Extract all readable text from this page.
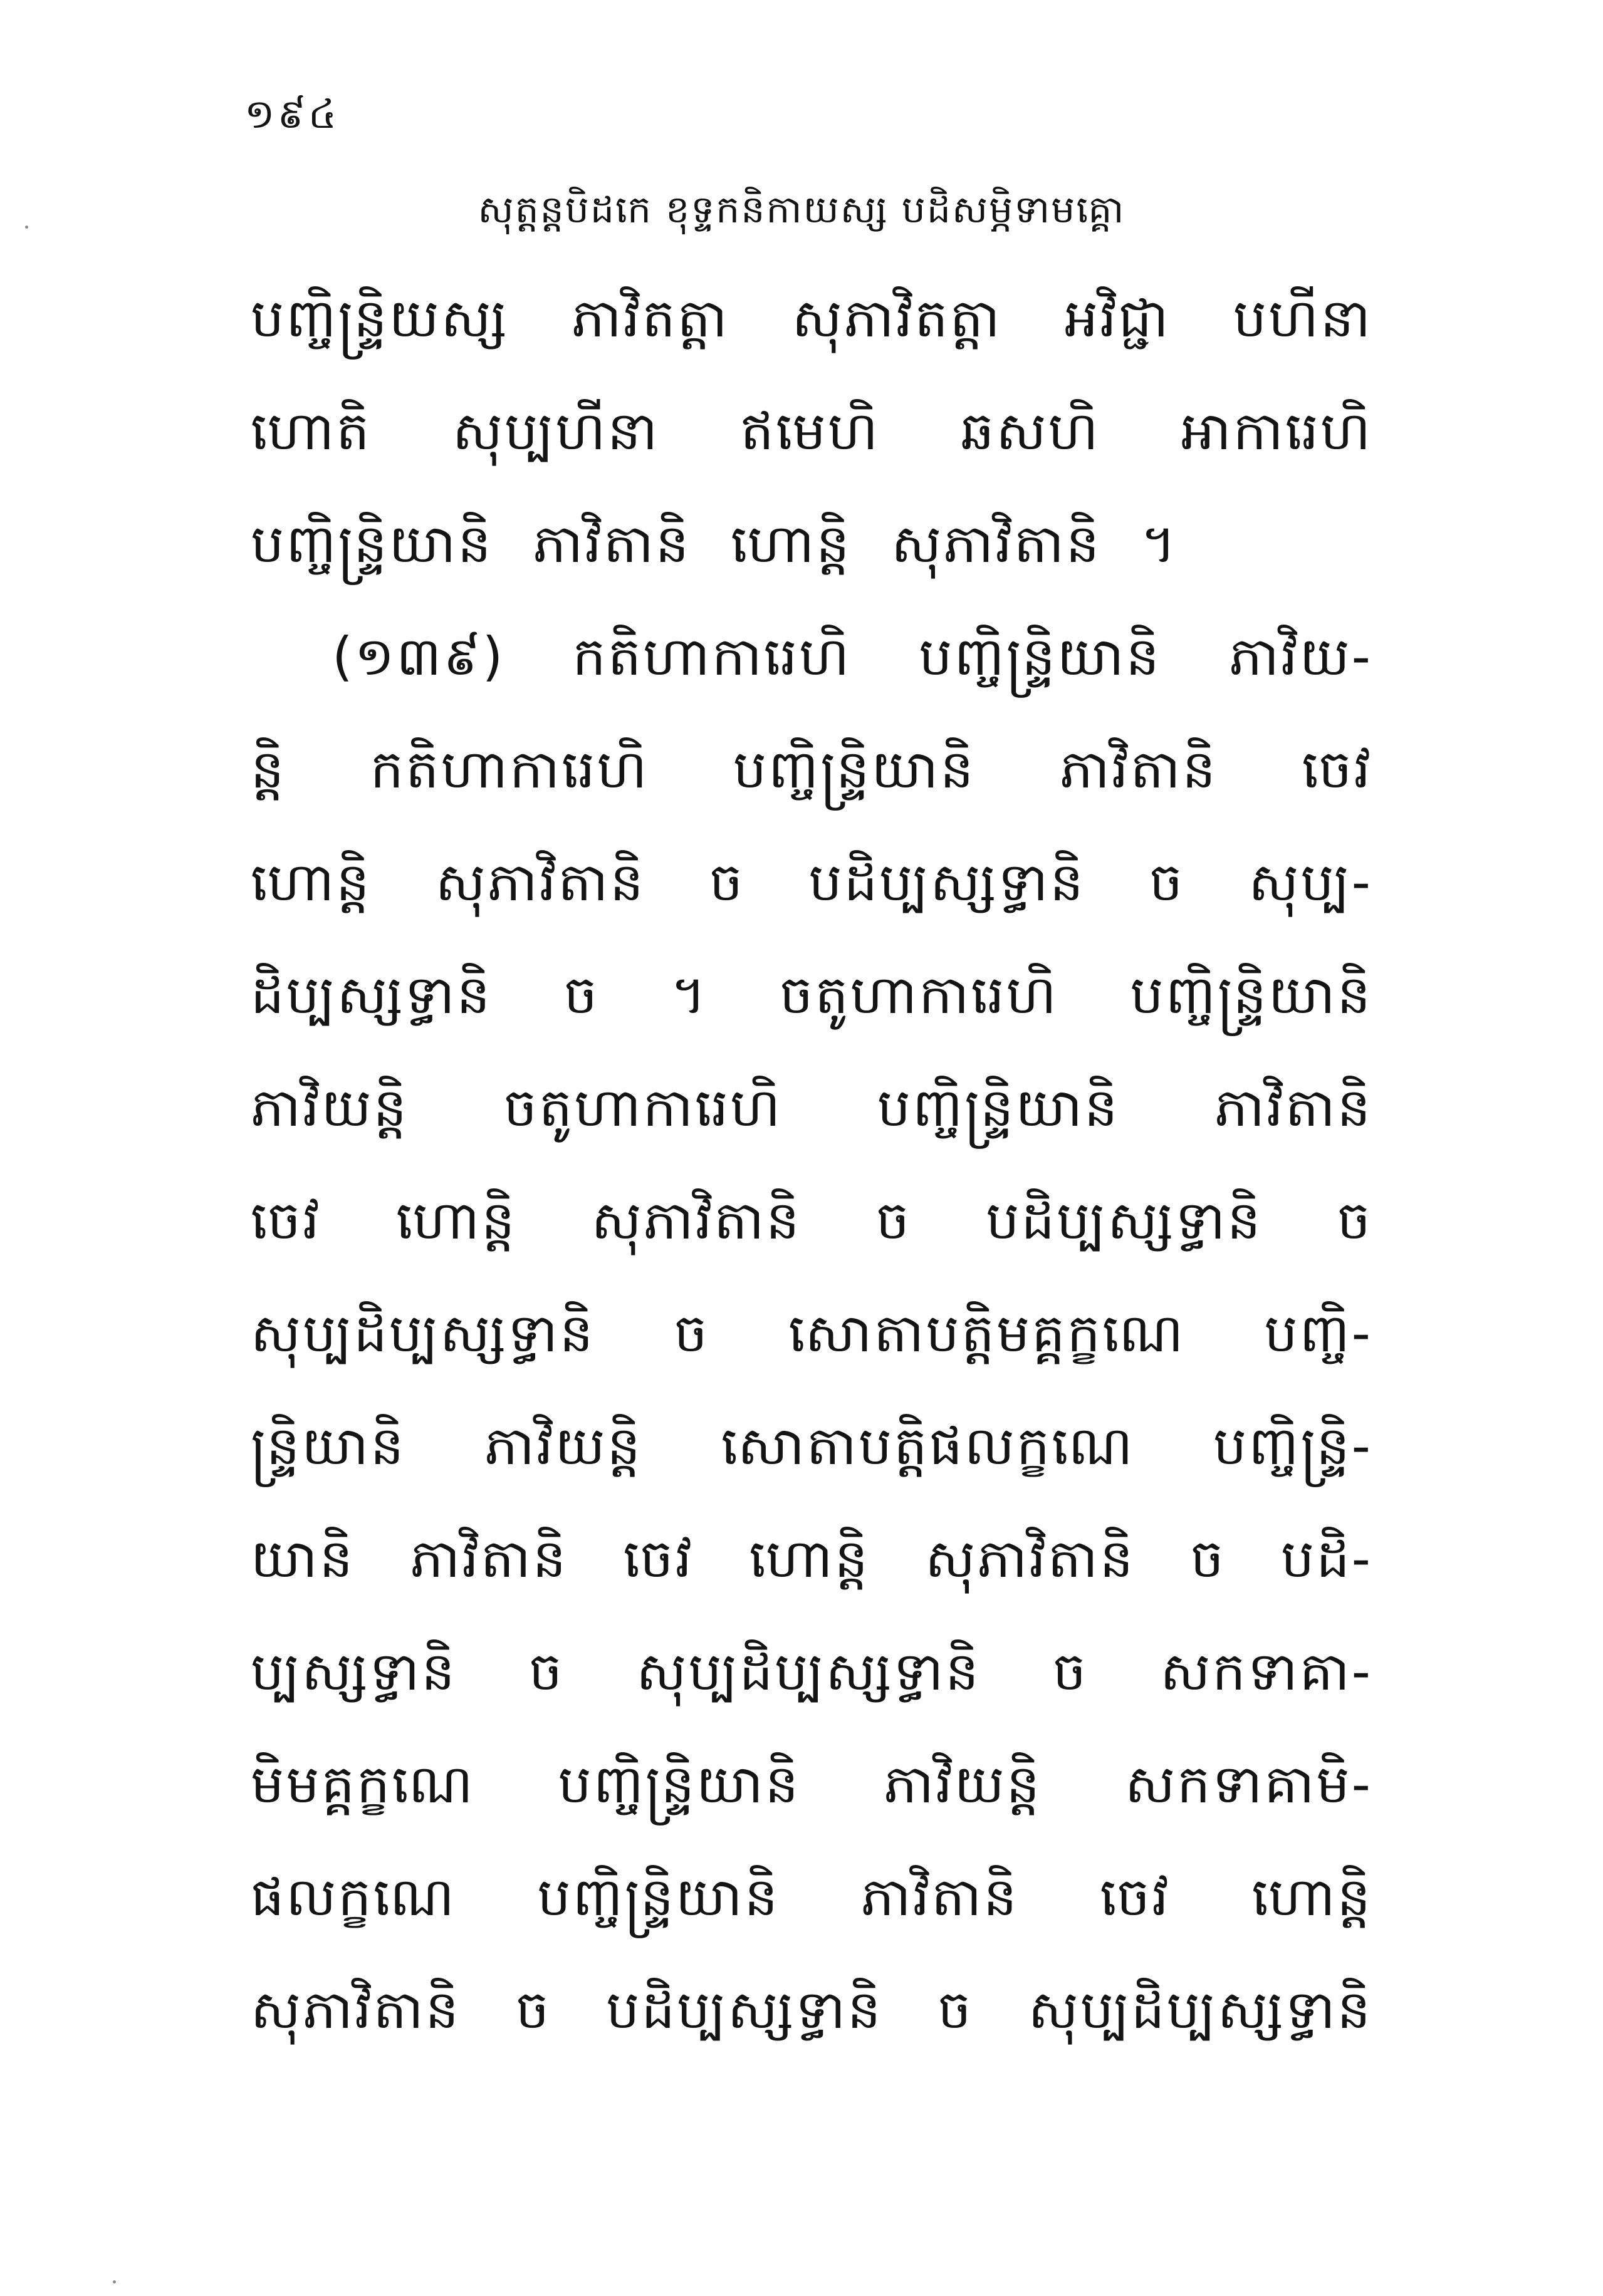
១៩៤
សុត្តន្តបិដកេ ខុទ្ទកនិកាយស្ស បដិសម្ភិទាមគ្គោ
បញ្ចិន្ទ្រិយស្ស ភាវិតត្តា សុភាវិតត្តា អវិជ្ជា បហីនា
ហោតិ សុប្បហីនា ឥមេហិ ឆសហិ អាការេហិ
បញ្ចិន្ទ្រិយានិ ភាវិតានិ ហោន្តិ សុភាវិតានិ ។
(១៣៩) កតិហាការេហិ បញ្ចិន្ទ្រិយានិ ភាវិយ-
ន្តិ កតិហាការេហិ បញ្ចិន្ទ្រិយានិ ភាវិតានិ ចេវ
ហោន្តិ សុភាវិតានិ ច បដិប្បស្សទ្ធានិ ច សុប្ប-
ដិប្បស្សទ្ធានិ ច ។ ចតូហាការេហិ បញ្ចិន្ទ្រិយានិ
ភាវិយន្តិ ចតូហាការេហិ បញ្ចិន្ទ្រិយានិ ភាវិតានិ
ចេវ ហោន្តិ សុភាវិតានិ ច បដិប្បស្សទ្ធានិ ច
សុប្បដិប្បស្សទ្ធានិ ច សោតាបត្តិមគ្គក្ខណេ បញ្ចិ-
ន្ទ្រិយានិ ភាវិយន្តិ សោតាបត្តិផលក្ខណេ បញ្ចិន្ទ្រិ-
យានិ ភាវិតានិ ចេវ ហោន្តិ សុភាវិតានិ ច បដិ-
ប្បស្សទ្ធានិ ច សុប្បដិប្បស្សទ្ធានិ ច សកទាគា-
មិមគ្គក្ខណេ បញ្ចិន្ទ្រិយានិ ភាវិយន្តិ សកទាគាមិ-
ផលក្ខណេ បញ្ចិន្ទ្រិយានិ ភាវិតានិ ចេវ ហោន្តិ
សុភាវិតានិ ច បដិប្បស្សទ្ធានិ ច សុប្បដិប្បស្សទ្ធានិ
